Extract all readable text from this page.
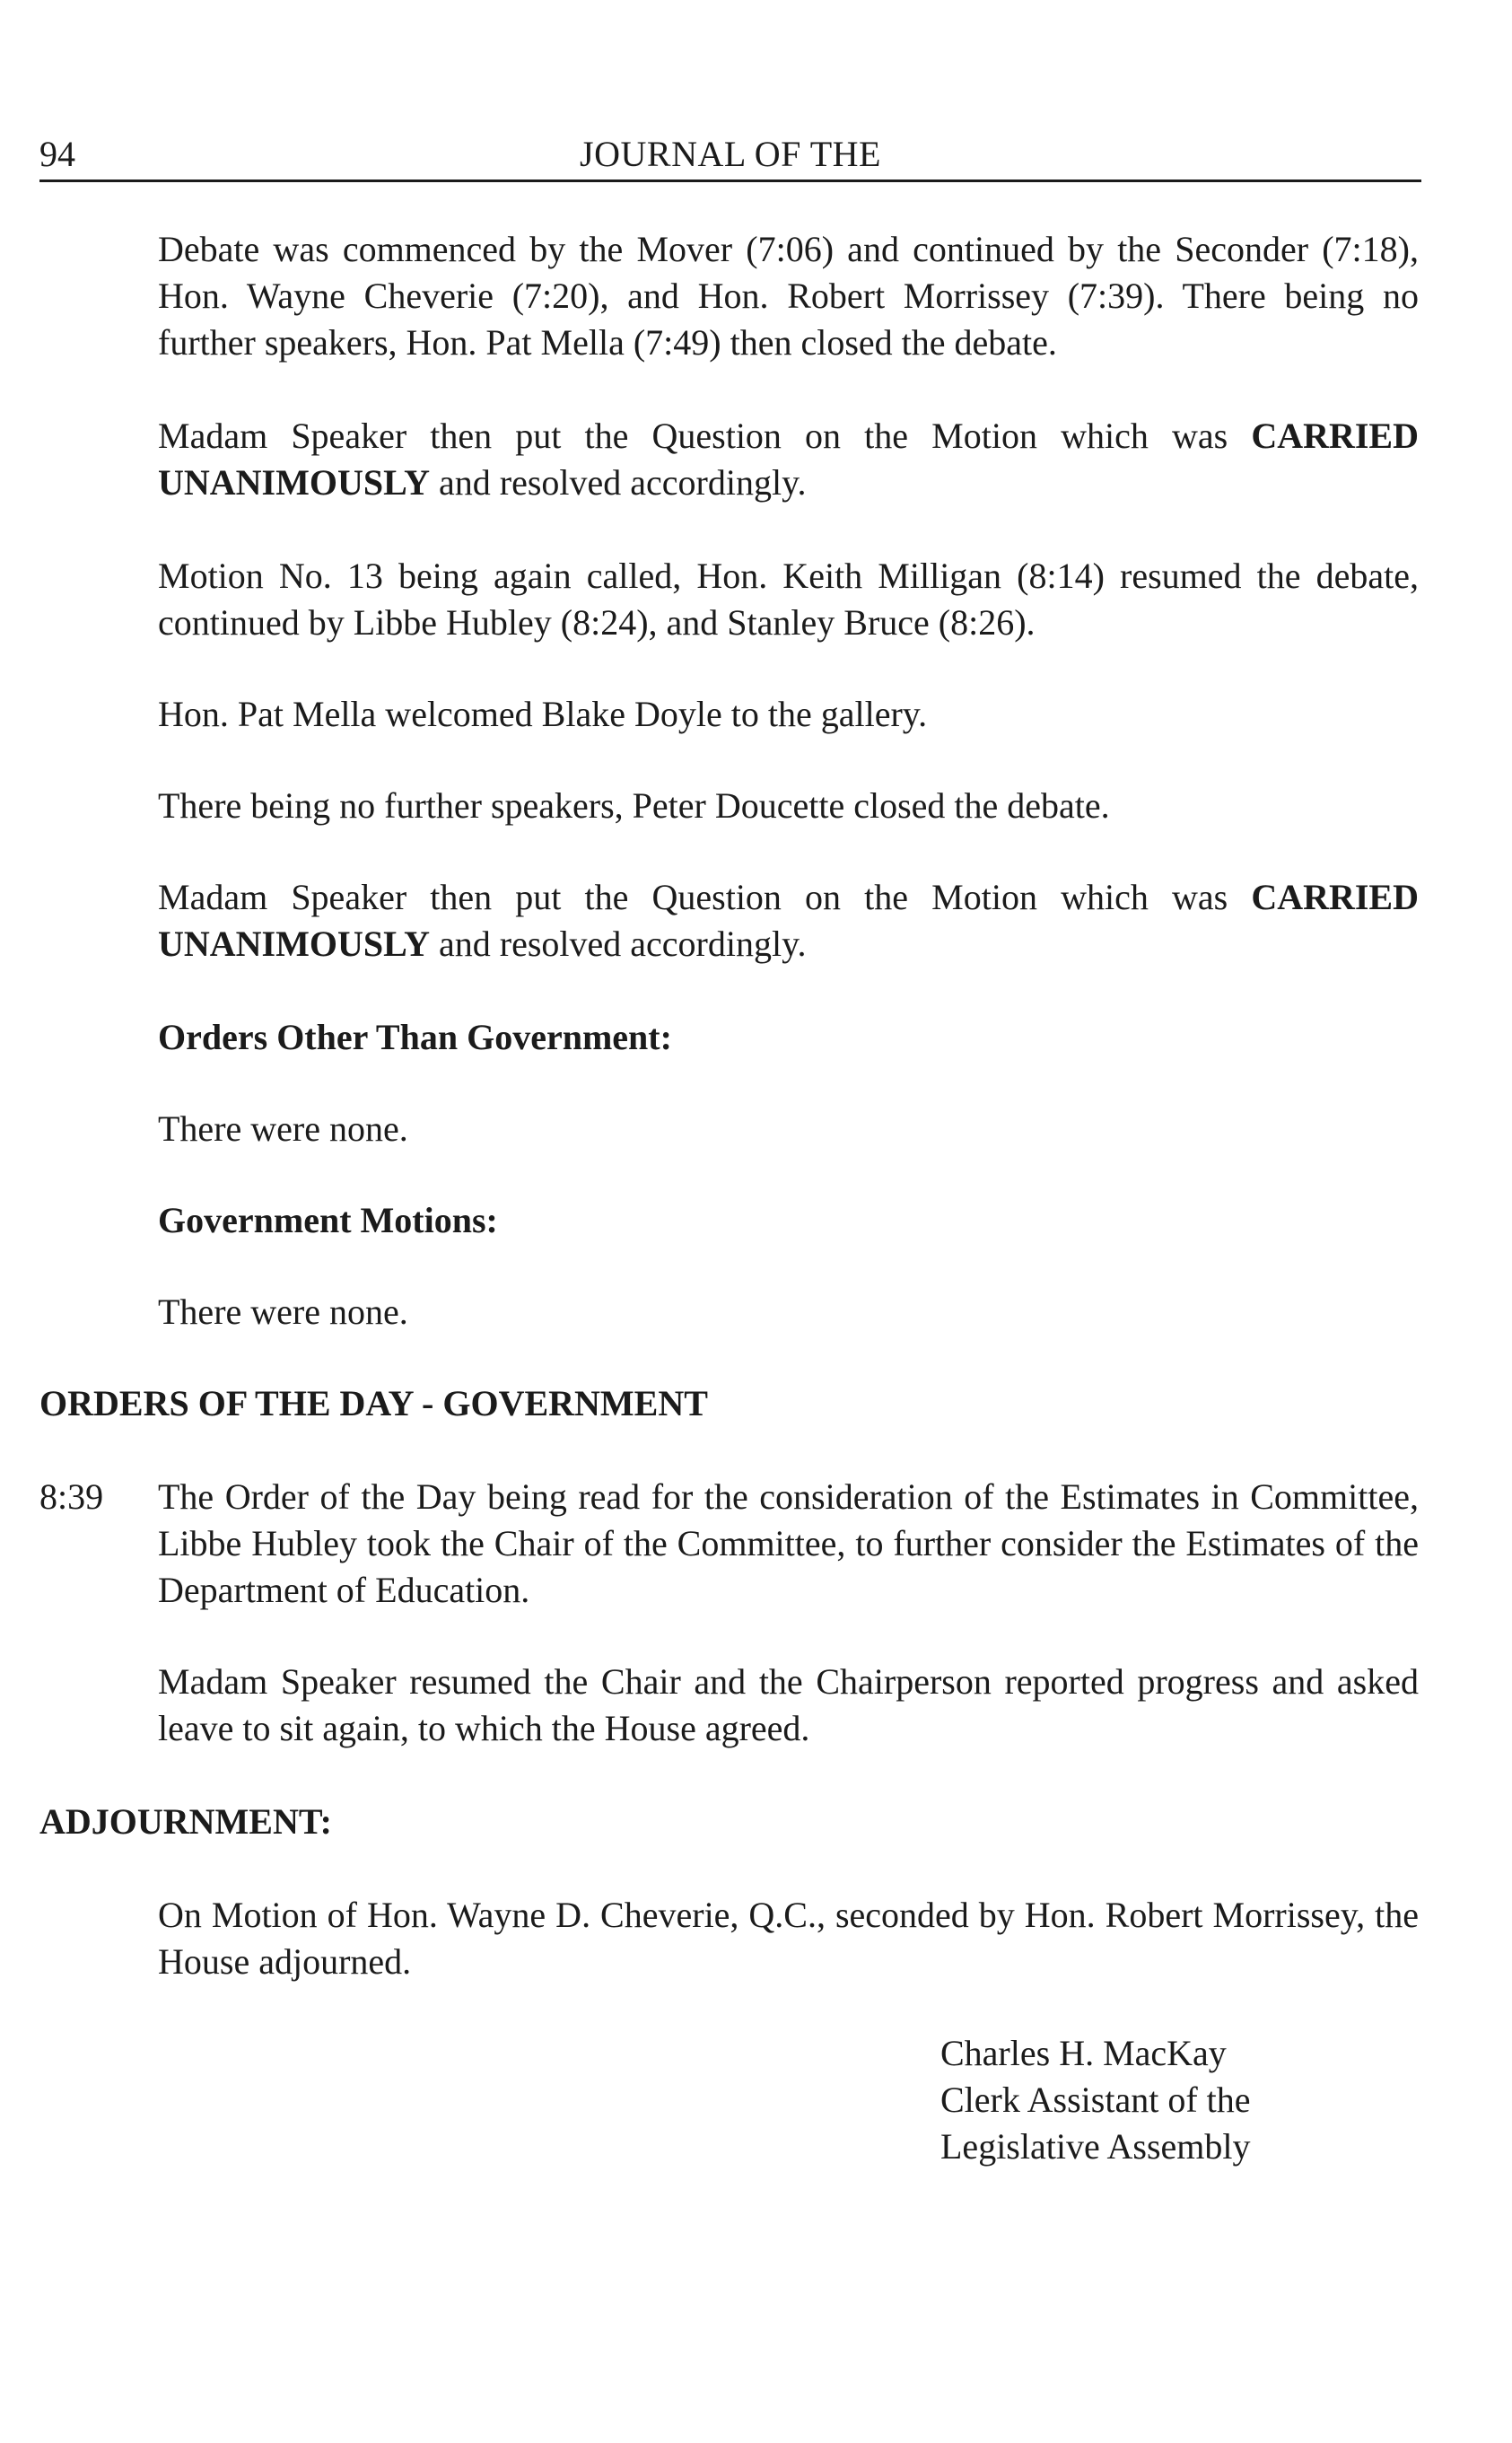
94	JOURNAL OF THE

Debate was commenced by the Mover (7:06) and continued by the Seconder (7:18), Hon. Wayne Cheverie (7:20), and Hon. Robert Morrissey (7:39). There being no further speakers, Hon. Pat Mella (7:49) then closed the debate.

Madam Speaker then put the Question on the Motion which was CARRIED UNANIMOUSLY and resolved accordingly.

Motion No. 13 being again called, Hon. Keith Milligan (8:14) resumed the debate, continued by Libbe Hubley (8:24), and Stanley Bruce (8:26).

Hon. Pat Mella welcomed Blake Doyle to the gallery.

There being no further speakers, Peter Doucette closed the debate.

Madam Speaker then put the Question on the Motion which was CARRIED UNANIMOUSLY and resolved accordingly.

Orders Other Than Government:

There were none.

Government Motions:

There were none.

ORDERS OF THE DAY - GOVERNMENT

8:39 The Order of the Day being read for the consideration of the Estimates in Committee, Libbe Hubley took the Chair of the Committee, to further consider the Estimates of the Department of Education.

Madam Speaker resumed the Chair and the Chairperson reported progress and asked leave to sit again, to which the House agreed.

ADJOURNMENT:

On Motion of Hon. Wayne D. Cheverie, Q.C., seconded by Hon. Robert Morrissey, the House adjourned.

Charles H. MacKay
Clerk Assistant of the
Legislative Assembly
